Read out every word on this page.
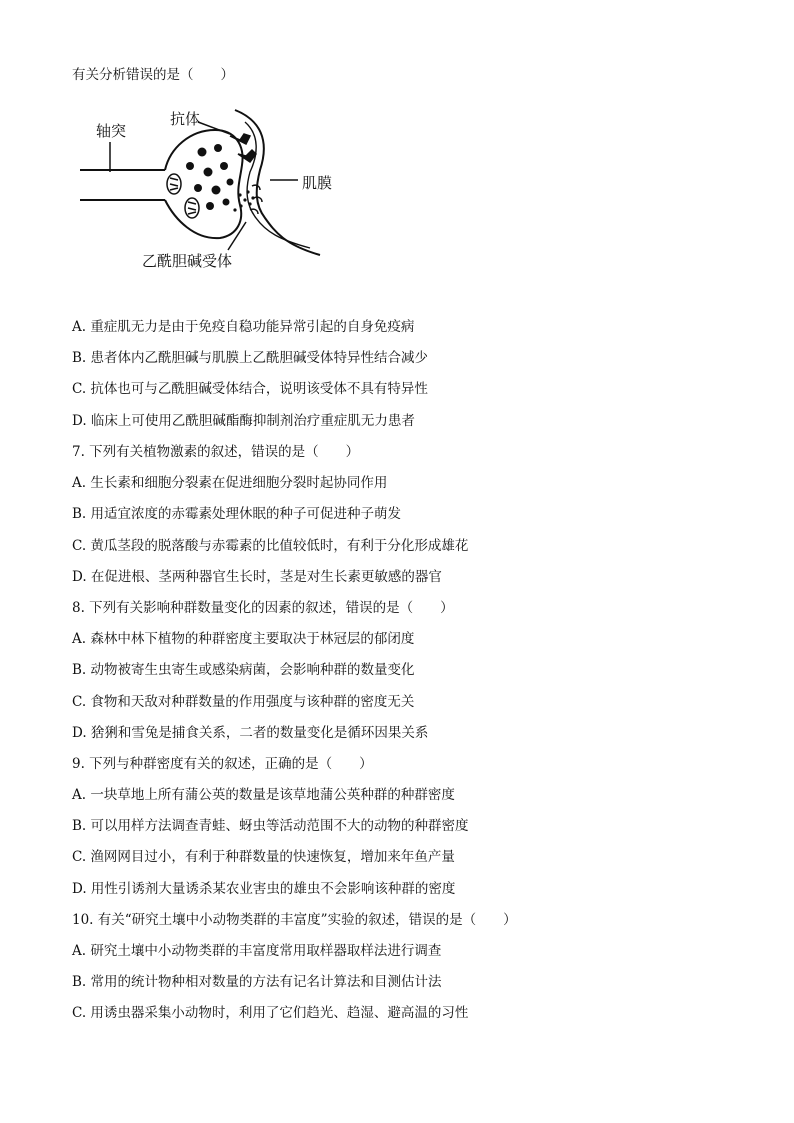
有关分析错误的是（　　）
轴突
抗体
肌膜
乙酰胆碱受体
A. 重症肌无力是由于免疫自稳功能异常引起的自身免疫病
B. 患者体内乙酰胆碱与肌膜上乙酰胆碱受体特异性结合减少
C. 抗体也可与乙酰胆碱受体结合，说明该受体不具有特异性
D. 临床上可使用乙酰胆碱酯酶抑制剂治疗重症肌无力患者
7. 下列有关植物激素的叙述，错误的是（　　）
A. 生长素和细胞分裂素在促进细胞分裂时起协同作用
B. 用适宜浓度的赤霉素处理休眠的种子可促进种子萌发
C. 黄瓜茎段的脱落酸与赤霉素的比值较低时，有利于分化形成雄花
D. 在促进根、茎两种器官生长时，茎是对生长素更敏感的器官
8. 下列有关影响种群数量变化的因素的叙述，错误的是（　　）
A. 森林中林下植物的种群密度主要取决于林冠层的郁闭度
B. 动物被寄生虫寄生或感染病菌，会影响种群的数量变化
C. 食物和天敌对种群数量的作用强度与该种群的密度无关
D. 猞猁和雪兔是捕食关系，二者的数量变化是循环因果关系
9. 下列与种群密度有关的叙述，正确的是（　　）
A. 一块草地上所有蒲公英的数量是该草地蒲公英种群的种群密度
B. 可以用样方法调查青蛙、蚜虫等活动范围不大的动物的种群密度
C. 渔网网目过小，有利于种群数量的快速恢复，增加来年鱼产量
D. 用性引诱剂大量诱杀某农业害虫的雄虫不会影响该种群的密度
10. 有关“研究土壤中小动物类群的丰富度”实验的叙述，错误的是（　　）
A. 研究土壤中小动物类群的丰富度常用取样器取样法进行调查
B. 常用的统计物种相对数量的方法有记名计算法和目测估计法
C. 用诱虫器采集小动物时，利用了它们趋光、趋湿、避高温的习性
